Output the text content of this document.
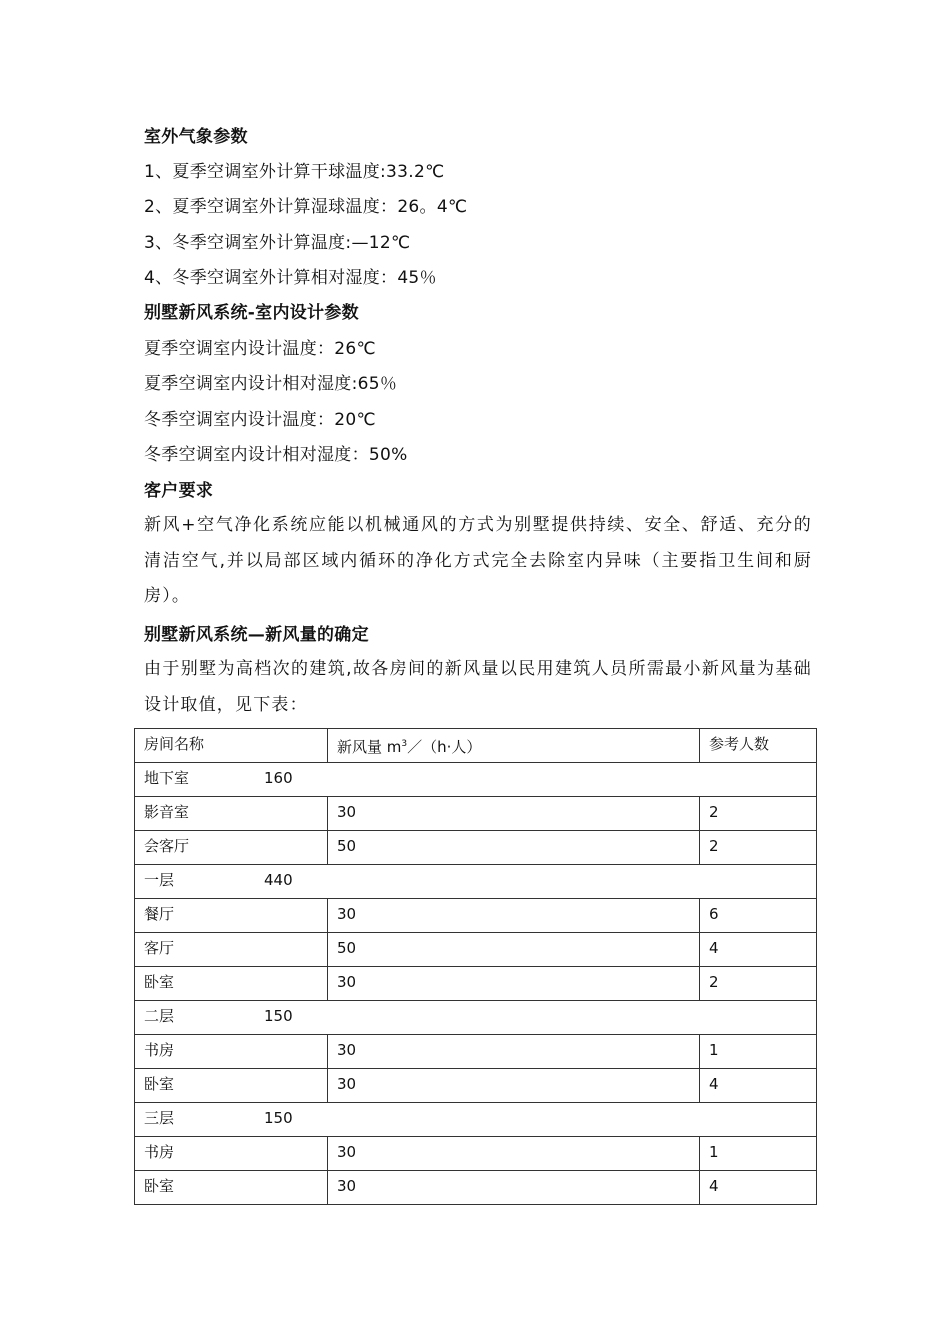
室外气象参数
1、夏季空调室外计算干球温度:33.2℃
2、夏季空调室外计算湿球温度：26。4℃
3、冬季空调室外计算温度:—12℃
4、冬季空调室外计算相对湿度：45％
别墅新风系统-室内设计参数
夏季空调室内设计温度：26℃
夏季空调室内设计相对湿度:65％
冬季空调室内设计温度：20℃
冬季空调室内设计相对湿度：50%
客户要求
新风+空气净化系统应能以机械通风的方式为别墅提供持续、安全、舒适、充分的清洁空气,并以局部区域内循环的净化方式完全去除室内异味（主要指卫生间和厨房）。
别墅新风系统—新风量的确定
由于别墅为高档次的建筑,故各房间的新风量以民用建筑人员所需最小新风量为基础设计取值，见下表：
房间名称	新风量 $m^3/(h\cdot$人）	参考人数
地下室 160		
影音室	30	2
会客厅	50	2
一层 440		
餐厅	30	6
客厅	50	4
卧室	30	2
二层 150		
书房	30	1
卧室	30	4
三层 150		
书房	30	1
卧室	30	4
